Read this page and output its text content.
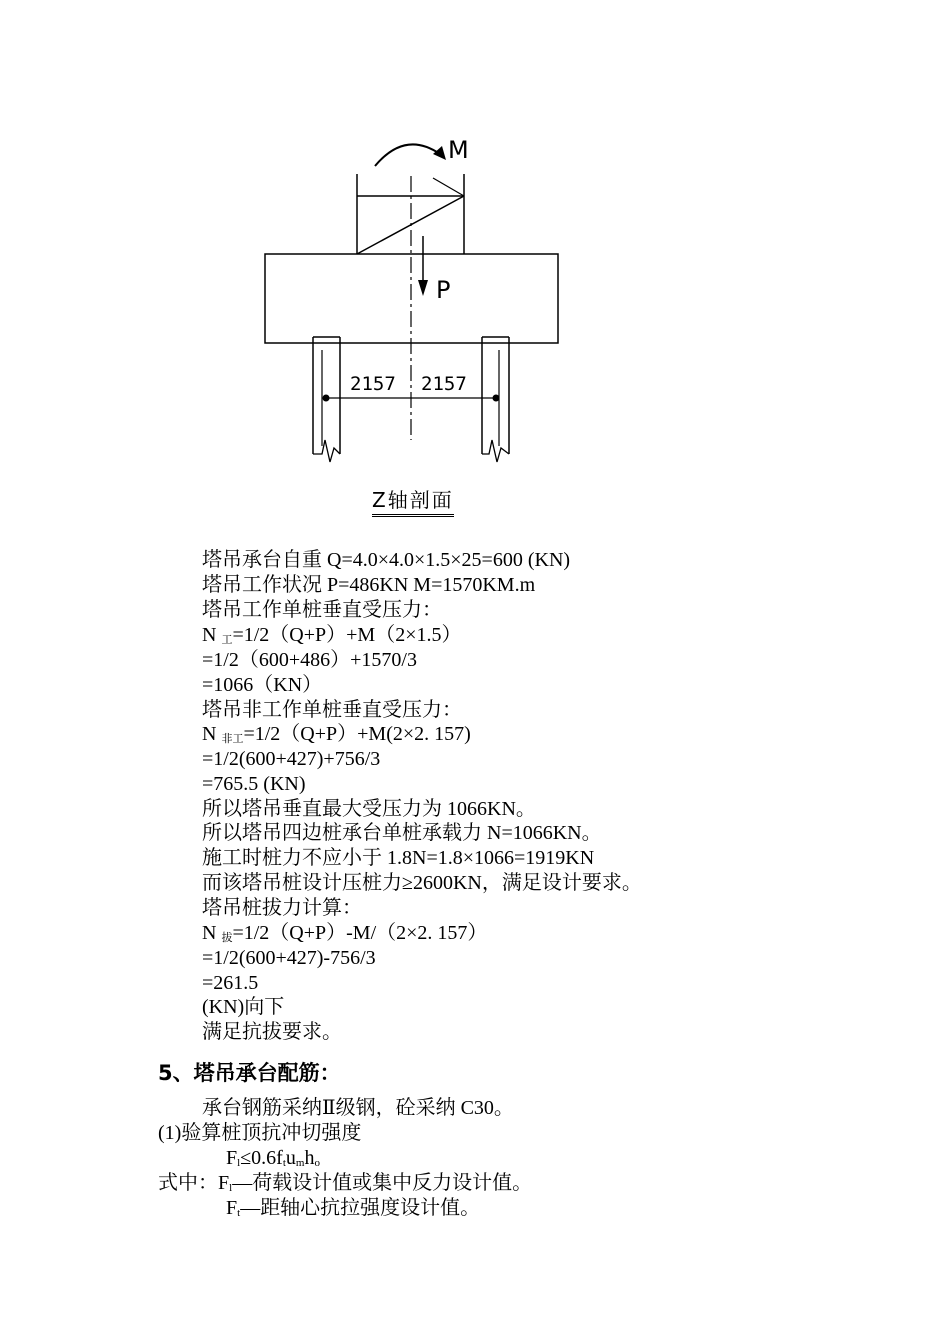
M
P
2157 2157
Z轴剖面
塔吊承台自重 Q=4.0×4.0×1.5×25=600 (KN)
塔吊工作状况 P=486KN M=1570KM.m
塔吊工作单桩垂直受压力：
N 工=1/2（Q+P）+M（2×1.5）
=1/2（600+486）+1570/3
=1066（KN）
塔吊非工作单桩垂直受压力：
N 非工=1/2（Q+P）+M(2×2. 157)
=1/2(600+427)+756/3
=765.5 (KN)
所以塔吊垂直最大受压力为 1066KN。
所以塔吊四边桩承台单桩承载力 N=1066KN。
施工时桩力不应小于 1.8N=1.8×1066=1919KN
而该塔吊桩设计压桩力≥2600KN，满足设计要求。
塔吊桩拔力计算：
N 拔=1/2（Q+P）-M/（2×2. 157）
=1/2(600+427)-756/3
=261.5
(KN)向下
满足抗拔要求。
5、塔吊承台配筋：
承台钢筋采纳Ⅱ级钢，砼采纳 C30。
(1)验算桩顶抗冲切强度
Fl≤0.6ftumho
式中：Fl—荷载设计值或集中反力设计值。
Ft—距轴心抗拉强度设计值。
